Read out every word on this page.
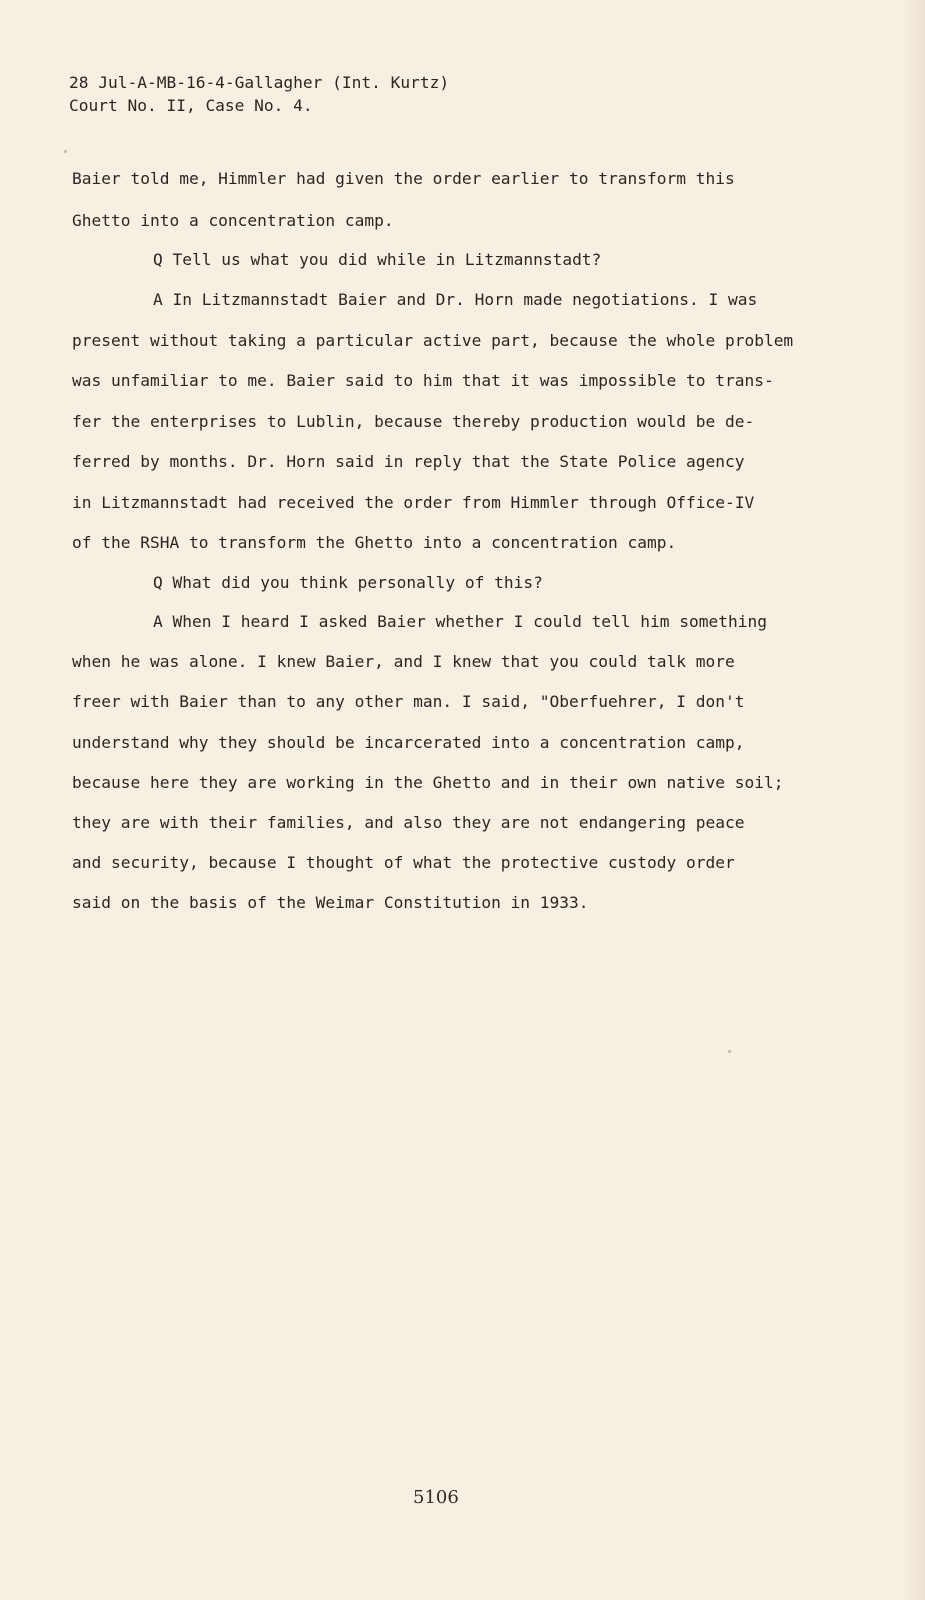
28 Jul-A-MB-16-4-Gallagher (Int. Kurtz)
Court No. II, Case No. 4.
Baier told me, Himmler had given the order earlier to transform this
Ghetto into a concentration camp.
Q Tell us what you did while in Litzmannstadt?
A In Litzmannstadt Baier and Dr. Horn made negotiations. I was
present without taking a particular active part, because the whole problem
was unfamiliar to me. Baier said to him that it was impossible to trans-
fer the enterprises to Lublin, because thereby production would be de-
ferred by months. Dr. Horn said in reply that the State Police agency
in Litzmannstadt had received the order from Himmler through Office-IV
of the RSHA to transform the Ghetto into a concentration camp.
Q What did you think personally of this?
A When I heard I asked Baier whether I could tell him something
when he was alone. I knew Baier, and I knew that you could talk more
freer with Baier than to any other man. I said, "Oberfuehrer, I don't
understand why they should be incarcerated into a concentration camp,
because here they are working in the Ghetto and in their own native soil;
they are with their families, and also they are not endangering peace
and security, because I thought of what the protective custody order
said on the basis of the Weimar Constitution in 1933.
5106
